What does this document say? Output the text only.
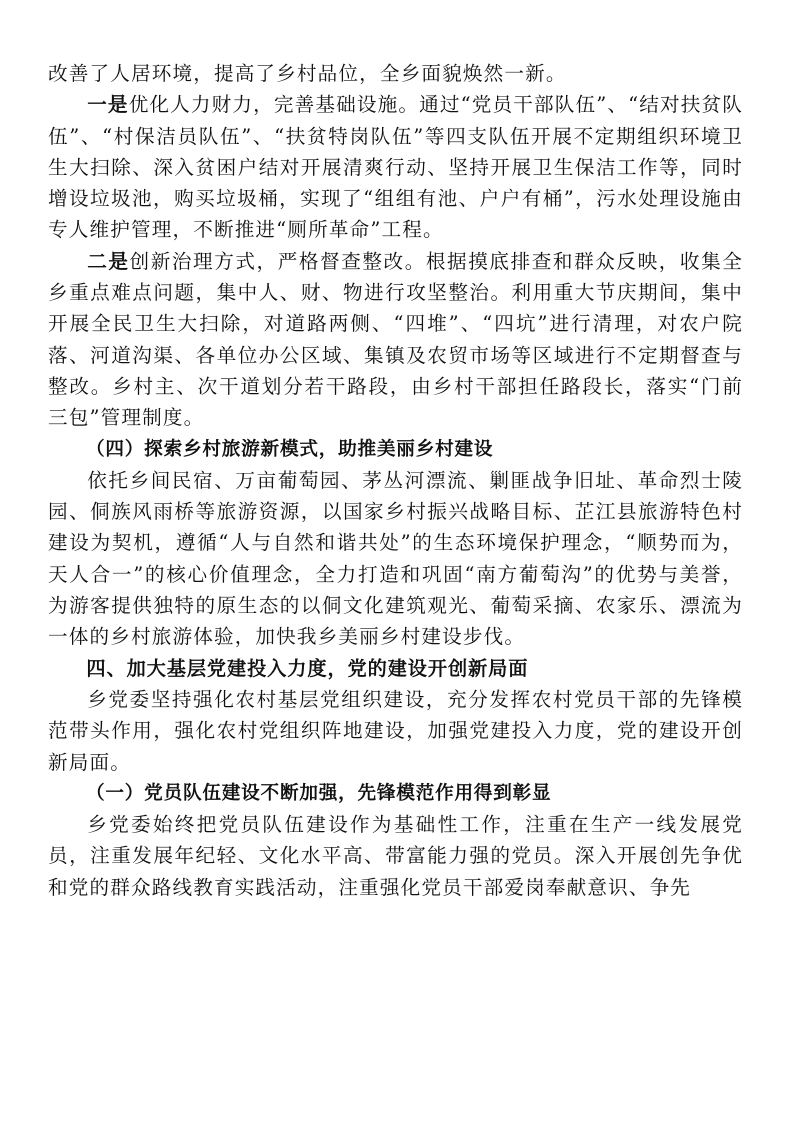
改善了人居环境，提高了乡村品位，全乡面貌焕然一新。

一是优化人力财力，完善基础设施。通过“党员干部队伍”、“结对扶贫队伍”、“村保洁员队伍”、“扶贫特岗队伍”等四支队伍开展不定期组织环境卫生大扫除、深入贫困户结对开展清爽行动、坚持开展卫生保洁工作等，同时增设垃圾池，购买垃圾桶，实现了“组组有池、户户有桶”，污水处理设施由专人维护管理，不断推进“厕所革命”工程。

二是创新治理方式，严格督查整改。根据摸底排查和群众反映，收集全乡重点难点问题，集中人、财、物进行攻坚整治。利用重大节庆期间，集中开展全民卫生大扫除，对道路两侧、“四堆”、“四坑”进行清理，对农户院落、河道沟渠、各单位办公区域、集镇及农贸市场等区域进行不定期督查与整改。乡村主、次干道划分若干路段，由乡村干部担任路段长，落实“门前三包”管理制度。

（四）探索乡村旅游新模式，助推美丽乡村建设

依托乡间民宿、万亩葡萄园、茅丛河漂流、剿匪战争旧址、革命烈士陵园、侗族风雨桥等旅游资源，以国家乡村振兴战略目标、芷江县旅游特色村建设为契机，遵循“人与自然和谐共处”的生态环境保护理念，“顺势而为，天人合一”的核心价值理念，全力打造和巩固“南方葡萄沟”的优势与美誉，为游客提供独特的原生态的以侗文化建筑观光、葡萄采摘、农家乐、漂流为一体的乡村旅游体验，加快我乡美丽乡村建设步伐。

四、加大基层党建投入力度，党的建设开创新局面

乡党委坚持强化农村基层党组织建设，充分发挥农村党员干部的先锋模范带头作用，强化农村党组织阵地建设，加强党建投入力度，党的建设开创新局面。

（一）党员队伍建设不断加强，先锋模范作用得到彰显

乡党委始终把党员队伍建设作为基础性工作，注重在生产一线发展党员，注重发展年纪轻、文化水平高、带富能力强的党员。深入开展创先争优和党的群众路线教育实践活动，注重强化党员干部爱岗奉献意识、争先
